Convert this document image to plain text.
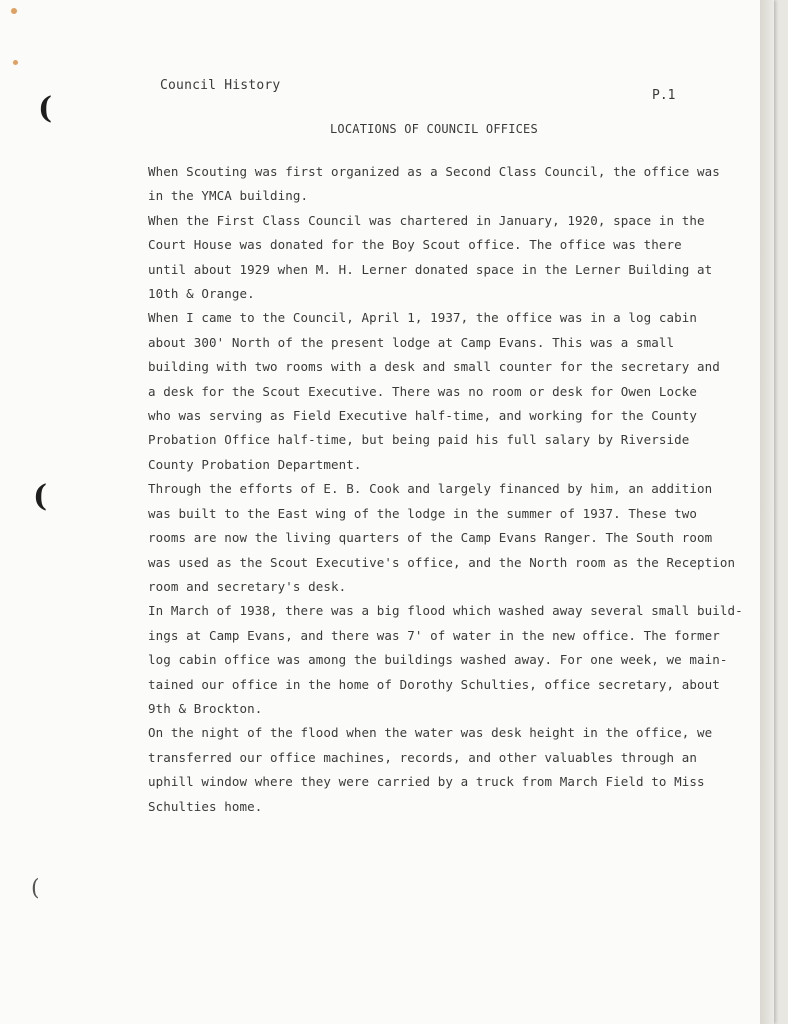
(
(
(
Council History
P.1
LOCATIONS OF COUNCIL OFFICES
When Scouting was first organized as a Second Class Council, the office was
in the YMCA building.
When the First Class Council was chartered in January, 1920, space in the
Court House was donated for the Boy Scout office. The office was there
until about 1929 when M. H. Lerner donated space in the Lerner Building at
10th & Orange.
When I came to the Council, April 1, 1937, the office was in a log cabin
about 300' North of the present lodge at Camp Evans. This was a small
building with two rooms with a desk and small counter for the secretary and
a desk for the Scout Executive. There was no room or desk for Owen Locke
who was serving as Field Executive half-time, and working for the County
Probation Office half-time, but being paid his full salary by Riverside
County Probation Department.
Through the efforts of E. B. Cook and largely financed by him, an addition
was built to the East wing of the lodge in the summer of 1937. These two
rooms are now the living quarters of the Camp Evans Ranger. The South room
was used as the Scout Executive's office, and the North room as the Reception
room and secretary's desk.
In March of 1938, there was a big flood which washed away several small build-
ings at Camp Evans, and there was 7' of water in the new office. The former
log cabin office was among the buildings washed away. For one week, we main-
tained our office in the home of Dorothy Schulties, office secretary, about
9th & Brockton.
On the night of the flood when the water was desk height in the office, we
transferred our office machines, records, and other valuables through an
uphill window where they were carried by a truck from March Field to Miss
Schulties home.
